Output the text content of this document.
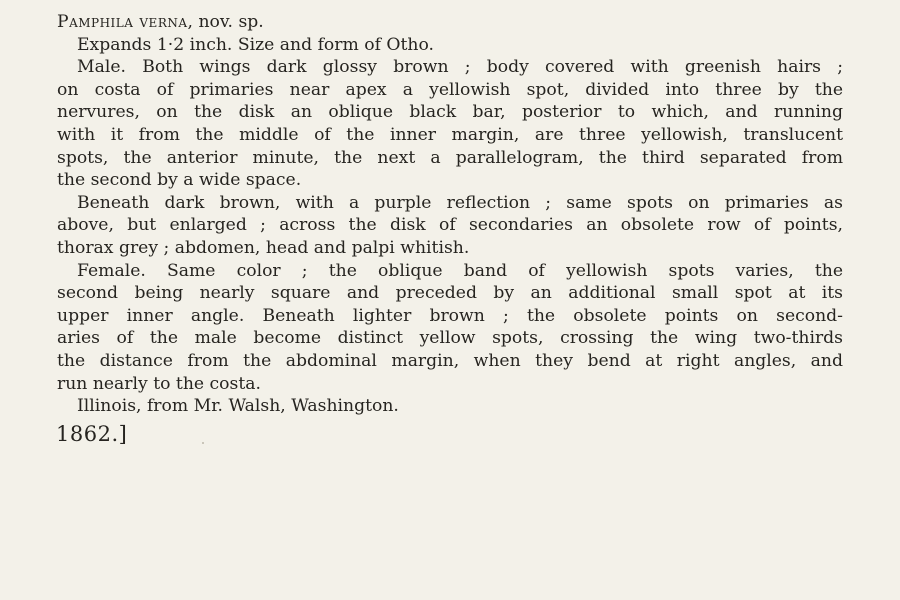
Pamphila verna, nov. sp.
Expands 1·2 inch. Size and form of Otho.
Male. Both wings dark glossy brown ; body covered with greenish hairs ;
on costa of primaries near apex a yellowish spot, divided into three by the
nervures, on the disk an oblique black bar, posterior to which, and running
with it from the middle of the inner margin, are three yellowish, translucent
spots, the anterior minute, the next a parallelogram, the third separated from
the second by a wide space.
Beneath dark brown, with a purple reflection ; same spots on primaries as
above, but enlarged ; across the disk of secondaries an obsolete row of points,
thorax grey ; abdomen, head and palpi whitish.
Female. Same color ; the oblique band of yellowish spots varies, the
second being nearly square and preceded by an additional small spot at its
upper inner angle. Beneath lighter brown ; the obsolete points on second-
aries of the male become distinct yellow spots, crossing the wing two-thirds
the distance from the abdominal margin, when they bend at right angles, and
run nearly to the costa.
Illinois, from Mr. Walsh, Washington.
1862.]
